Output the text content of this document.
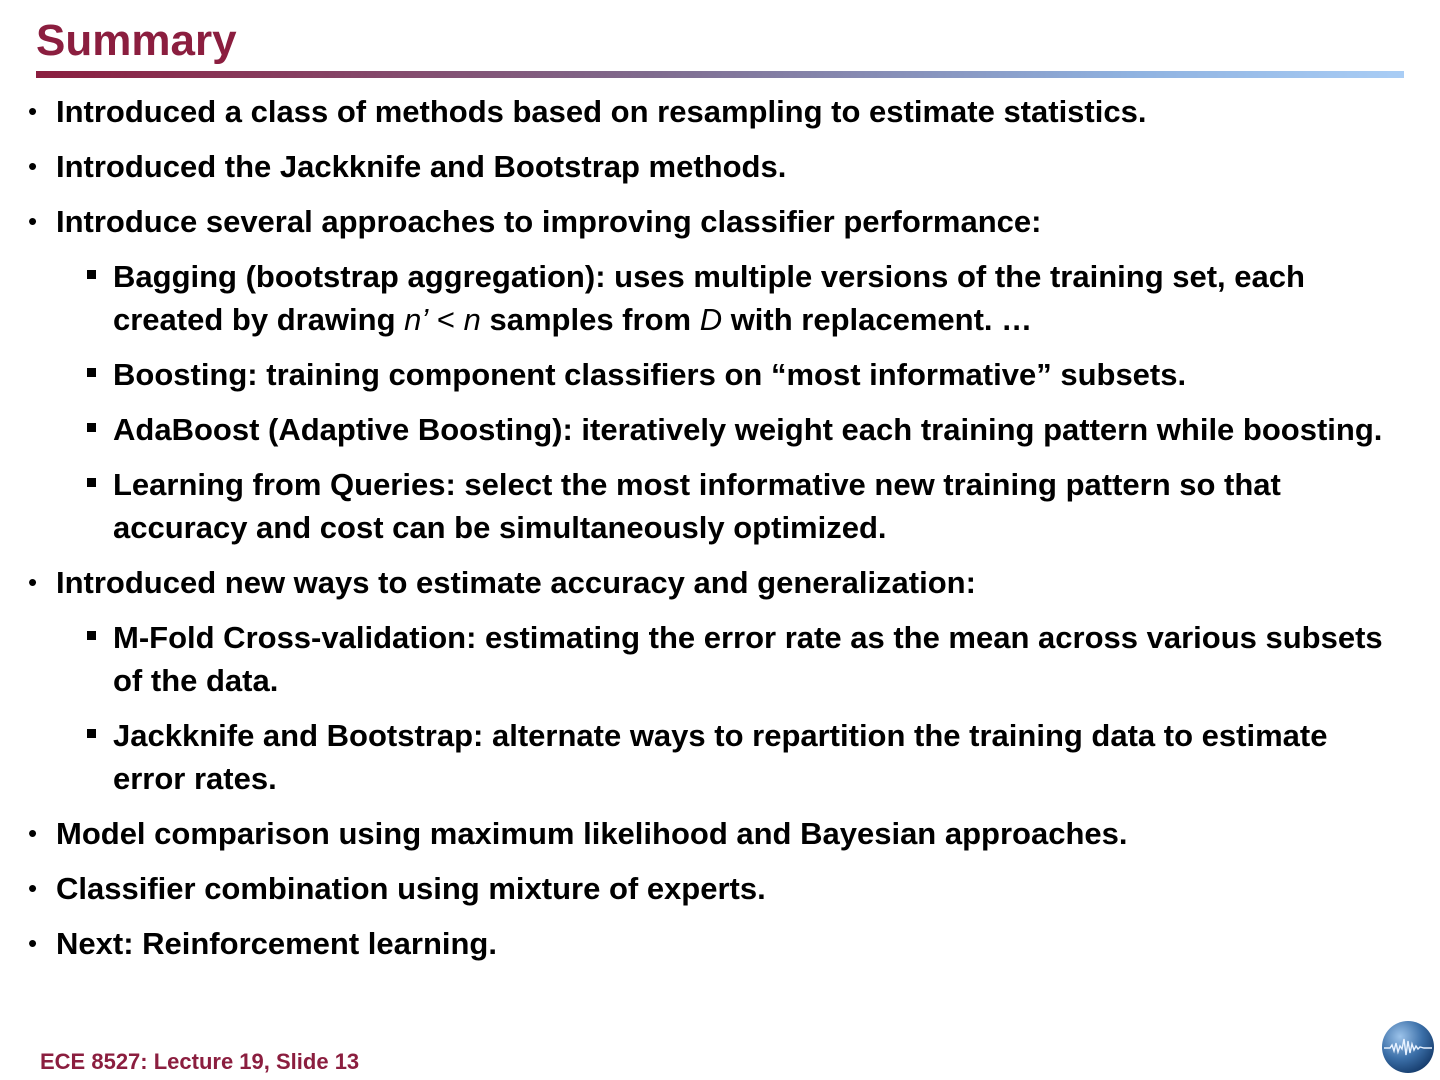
Summary
• Introduced a class of methods based on resampling to estimate statistics.
• Introduced the Jackknife and Bootstrap methods.
• Introduce several approaches to improving classifier performance:
Bagging (bootstrap aggregation): uses multiple versions of the training set, each created by drawing n’ < n samples from D with replacement. …
Boosting: training component classifiers on “most informative” subsets.
AdaBoost (Adaptive Boosting): iteratively weight each training pattern while boosting.
Learning from Queries: select the most informative new training pattern so that accuracy and cost can be simultaneously optimized.
• Introduced new ways to estimate accuracy and generalization:
M-Fold Cross-validation: estimating the error rate as the mean across various subsets of the data.
Jackknife and Bootstrap: alternate ways to repartition the training data to estimate error rates.
• Model comparison using maximum likelihood and Bayesian approaches.
• Classifier combination using mixture of experts.
• Next: Reinforcement learning.
ECE 8527: Lecture 19, Slide 13
